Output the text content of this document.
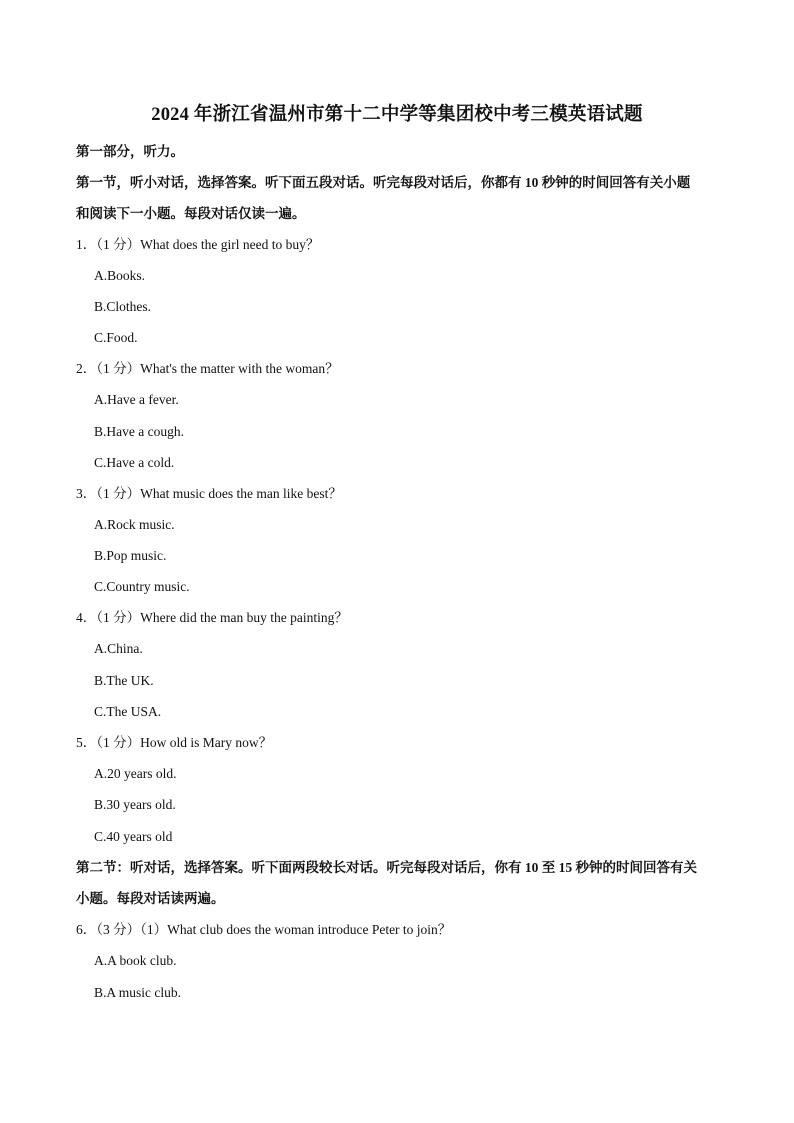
2024 年浙江省温州市第十二中学等集团校中考三模英语试题
第一部分，听力。
第一节，听小对话，选择答案。听下面五段对话。听完每段对话后，你都有 10 秒钟的时间回答有关小题
和阅读下一小题。每段对话仅读一遍。
1．（1 分）What does the girl need to buy？
A.Books.
B.Clothes.
C.Food.
2．（1 分）What's the matter with the woman？
A.Have a fever.
B.Have a cough.
C.Have a cold.
3．（1 分）What music does the man like best？
A.Rock music.
B.Pop music.
C.Country music.
4．（1 分）Where did the man buy the painting？
A.China.
B.The UK.
C.The USA.
5．（1 分）How old is Mary now？
A.20 years old.
B.30 years old.
C.40 years old
第二节：听对话，选择答案。听下面两段较长对话。听完每段对话后，你有 10 至 15 秒钟的时间回答有关
小题。每段对话读两遍。
6．（3 分）（1）What club does the woman introduce Peter to join？
A.A book club.
B.A music club.
